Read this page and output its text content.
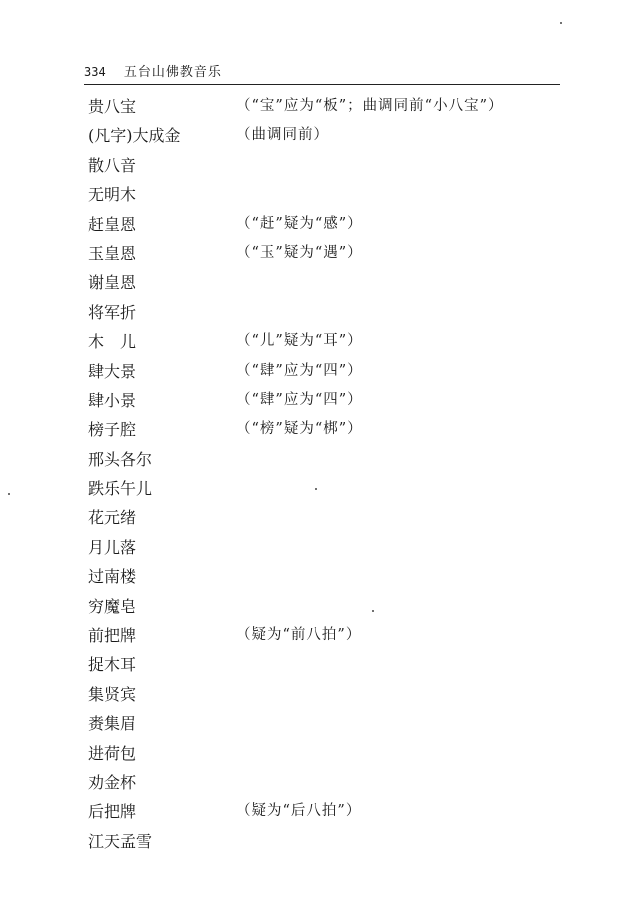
334 五台山佛教音乐
贵八宝	（“宝”应为“板”；曲调同前“小八宝”）
(凡字)大成金	（曲调同前）
散八音
无明木
赶皇恩	（“赶”疑为“感”）
玉皇恩	（“玉”疑为“遇”）
谢皇恩
将军折
木　儿	（“儿”疑为“耳”）
肆大景	（“肆”应为“四”）
肆小景	（“肆”应为“四”）
榜子腔	（“榜”疑为“梆”）
邢头各尔
跌乐午儿
花元绪
月儿落
过南楼
穷魔皂
前把牌	（疑为“前八拍”）
捉木耳
集贤宾
赉集眉
进荷包
劝金杯
后把牌	（疑为“后八拍”）
江天孟雪
